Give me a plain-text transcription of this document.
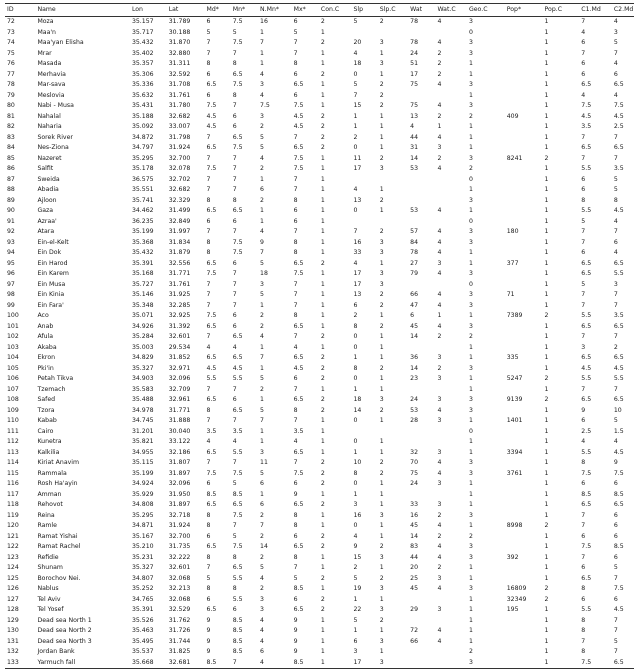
ID	Name	Lon	Lat	Md*	Mn*	N.Mn*	Mx*	Con.C	Slp	Slp.C	Wat	Wat.C	Geo.C	Pop*	Pop.C	C1.Md	C2.Md
72	Moza	35.157	31.789	6	7.5	16	6	2	5	2	78	4	3		1	7	4
73	Maa'n	35.717	30.188	5	5	1	5	1					0		1	4	3
74	Maa'yan Elisha	35.432	31.870	7	7.5	7	7	2	20	3	78	4	3		1	6	5
75	Mrar	35.402	32.880	7	7	1	7	1	4	1	24	2	3		1	7	7
76	Masada	35.357	31.311	8	8	1	8	1	18	3	51	2	1		1	6	4
77	Merhavia	35.306	32.592	6	6.5	4	6	2	0	1	17	2	1		1	6	6
78	Mar-sava	35.336	31.708	6.5	7.5	3	6.5	1	5	2	75	4	3		1	6.5	6.5
79	Meslovia	35.632	31.761	6	8	4	6	1	7	2			1		1	4	4
80	Nabi - Musa	35.431	31.780	7.5	7	7.5	7.5	1	15	2	75	4	3		1	7.5	7.5
81	Nahalal	35.188	32.682	4.5	6	3	4.5	2	1	1	13	2	2	409	1	4.5	4.5
82	Naharia	35.092	33.007	4.5	6	2	4.5	2	1	1	4	1	1		1	3.5	2.5
83	Sorek River	34.872	31.798	7	6.5	5	7	2	2	1	44	4	1		1	7	7
84	Nes-Ziona	34.797	31.924	6.5	7.5	5	6.5	2	0	1	31	3	1		1	6.5	6.5
85	Nazeret	35.295	32.700	7	7	4	7.5	1	11	2	14	2	3	8241	2	7	7
86	Salfit	35.178	32.078	7.5	7	2	7.5	1	17	3	53	4	2		1	5.5	3.5
87	Sweida	36.575	32.702	7	7	1	7	1					0		1	6	5
88	Abadia	35.551	32.682	7	7	6	7	1	4	1			1		1	6	5
89	Ajloon	35.741	32.329	8	8	2	8	1	13	2			3		1	8	8
90	Gaza	34.462	31.499	6.5	6.5	1	6	1	0	1	53	4	1		1	5.5	4.5
91	Azraa'	36.235	32.849	6	6	1	6	1					0		1	5	4
92	Atara	35.199	31.997	7	7	4	7	1	7	2	57	4	3	180	1	7	7
93	Ein-el-Kelt	35.368	31.834	8	7.5	9	8	1	16	3	84	4	3		1	7	6
94	Ein Dok	35.432	31.879	8	7.5	7	8	1	33	3	78	4	1		1	6	4
95	Ein Harod	35.391	32.556	6.5	6	5	6.5	2	4	1	27	3	1	377	1	6.5	6.5
96	Ein Karem	35.168	31.771	7.5	7	18	7.5	1	17	3	79	4	3		1	6.5	5.5
97	Ein Musa	35.727	31.761	7	7	3	7	1	17	3			0		1	5	3
98	Ein Kinia	35.146	31.925	7	7	5	7	1	13	2	66	4	3	71	1	7	7
99	Ein Fara'	35.348	32.285	7	7	1	7	1	6	2	47	4	3		1	7	7
100	Aco	35.071	32.925	7.5	6	2	8	1	2	1	6	1	1	7389	2	5.5	3.5
101	Anab	34.926	31.392	6.5	6	2	6.5	1	8	2	45	4	3		1	6.5	6.5
102	Afula	35.284	32.601	7	6.5	4	7	2	0	1	14	2	2		1	7	7
103	Akaba	35.003	29.534	4	4	1	4	1	0	1			1		1	3	2
104	Ekron	34.829	31.852	6.5	6.5	7	6.5	2	1	1	36	3	1	335	1	6.5	6.5
105	Pki'in	35.327	32.971	4.5	4.5	1	4.5	2	8	2	14	2	3		1	4.5	4.5
106	Petah Tikva	34.903	32.096	5.5	5.5	5	6	2	0	1	23	3	1	5247	2	5.5	5.5
107	Tzemach	35.583	32.709	7	7	2	7	1	1	1			1		1	7	7
108	Safed	35.488	32.961	6.5	6	1	6.5	2	18	3	24	3	3	9139	2	6.5	6.5
109	Tzora	34.978	31.771	8	6.5	5	8	2	14	2	53	4	3		1	9	10
110	Kabab	34.745	31.888	7	7	7	7	1	0	1	28	3	1	1401	1	6	5
111	Cairo	31.201	30.040	3.5	3.5	1	3.5	1					0		1	2.5	1.5
112	Kunetra	35.821	33.122	4	4	1	4	1	0	1			1		1	4	4
113	Kalkilia	34.955	32.186	6.5	5.5	3	6.5	1	1	1	32	3	1	3394	1	5.5	4.5
114	Kiriat Anavim	35.115	31.807	7	7	11	7	2	10	2	70	4	3		1	8	9
115	Rammala	35.199	31.897	7.5	7.5	5	7.5	2	8	2	75	4	3	3761	1	7.5	7.5
116	Rosh Ha'ayin	34.924	32.096	6	5	6	6	2	0	1	24	3	1		1	6	6
117	Amman	35.929	31.950	8.5	8.5	1	9	1	1	1			1		1	8.5	8.5
118	Rehovot	34.808	31.897	6.5	6.5	6	6.5	2	3	1	33	3	1		1	6.5	6.5
119	Reina	35.295	32.718	8	7.5	2	8	1	16	3	16	2	3		1	7	6
120	Ramle	34.871	31.924	8	7	7	8	1	0	1	45	4	1	8998	2	7	6
121	Ramat Yishai	35.167	32.700	6	5	2	6	2	4	1	14	2	2		1	6	6
122	Ramat Rachel	35.210	31.735	6.5	7.5	14	6.5	2	9	2	83	4	3		1	7.5	8.5
123	Refidie	35.231	32.222	8	8	2	8	1	15	3	44	4	3	392	1	7	6
124	Shunam	35.327	32.601	7	6.5	5	7	1	2	1	20	2	1		1	6	5
125	Borochov Nei.	34.807	32.068	5	5.5	4	5	2	5	2	25	3	1		1	6.5	7
126	Nablus	35.252	32.213	8	8	2	8.5	1	19	3	45	4	3	16809	2	8	7.5
127	Tel Aviv	34.765	32.068	6	5.5	3	6	2	1	1			1	32349	2	6	6
128	Tel Yosef	35.391	32.529	6.5	6	3	6.5	2	22	3	29	3	1	195	1	5.5	4.5
129	Dead sea North 1	35.526	31.762	9	8.5	4	9	1	5	2			1		1	8	7
130	Dead sea North 2	35.463	31.726	9	8.5	4	9	1	1	1	72	4	1		1	8	7
131	Dead sea North 3	35.495	31.744	9	8.5	4	9	1	6	3	66	4	1		1	7	5
132	Jordan Bank	35.537	31.825	9	8.5	6	9	1	3	1			2		1	8	7
133	Yarmuch fall	35.668	32.681	8.5	7	4	8.5	1	17	3			3		1	7.5	6.5
